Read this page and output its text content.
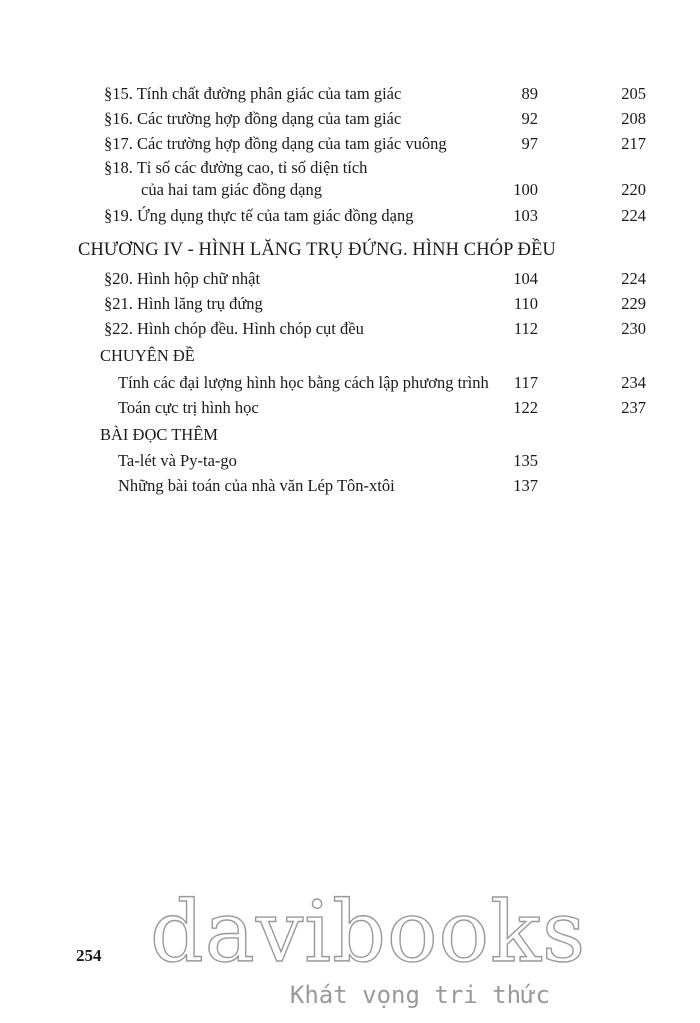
§15. Tính chất đường phân giác của tam giác	89	205
§16. Các trường hợp đồng dạng của tam giác	92	208
§17. Các trường hợp đồng dạng của tam giác vuông	97	217
§18. Tỉ số các đường cao, tỉ số diện tích
của hai tam giác đồng dạng	100	220
§19. Ứng dụng thực tế của tam giác đồng dạng	103	224
CHƯƠNG IV - HÌNH LĂNG TRỤ ĐỨNG. HÌNH CHÓP ĐỀU
§20. Hình hộp chữ nhật	104	224
§21. Hình lăng trụ đứng	110	229
§22. Hình chóp đều. Hình chóp cụt đều	112	230
CHUYÊN ĐỀ
Tính các đại lượng hình học bằng cách lập phương trình	117	234
Toán cực trị hình học	122	237
BÀI ĐỌC THÊM
Ta-lét và Py-ta-go	135
Những bài toán của nhà văn Lép Tôn-xtôi	137
davibooks
254
Khát vọng tri thức
